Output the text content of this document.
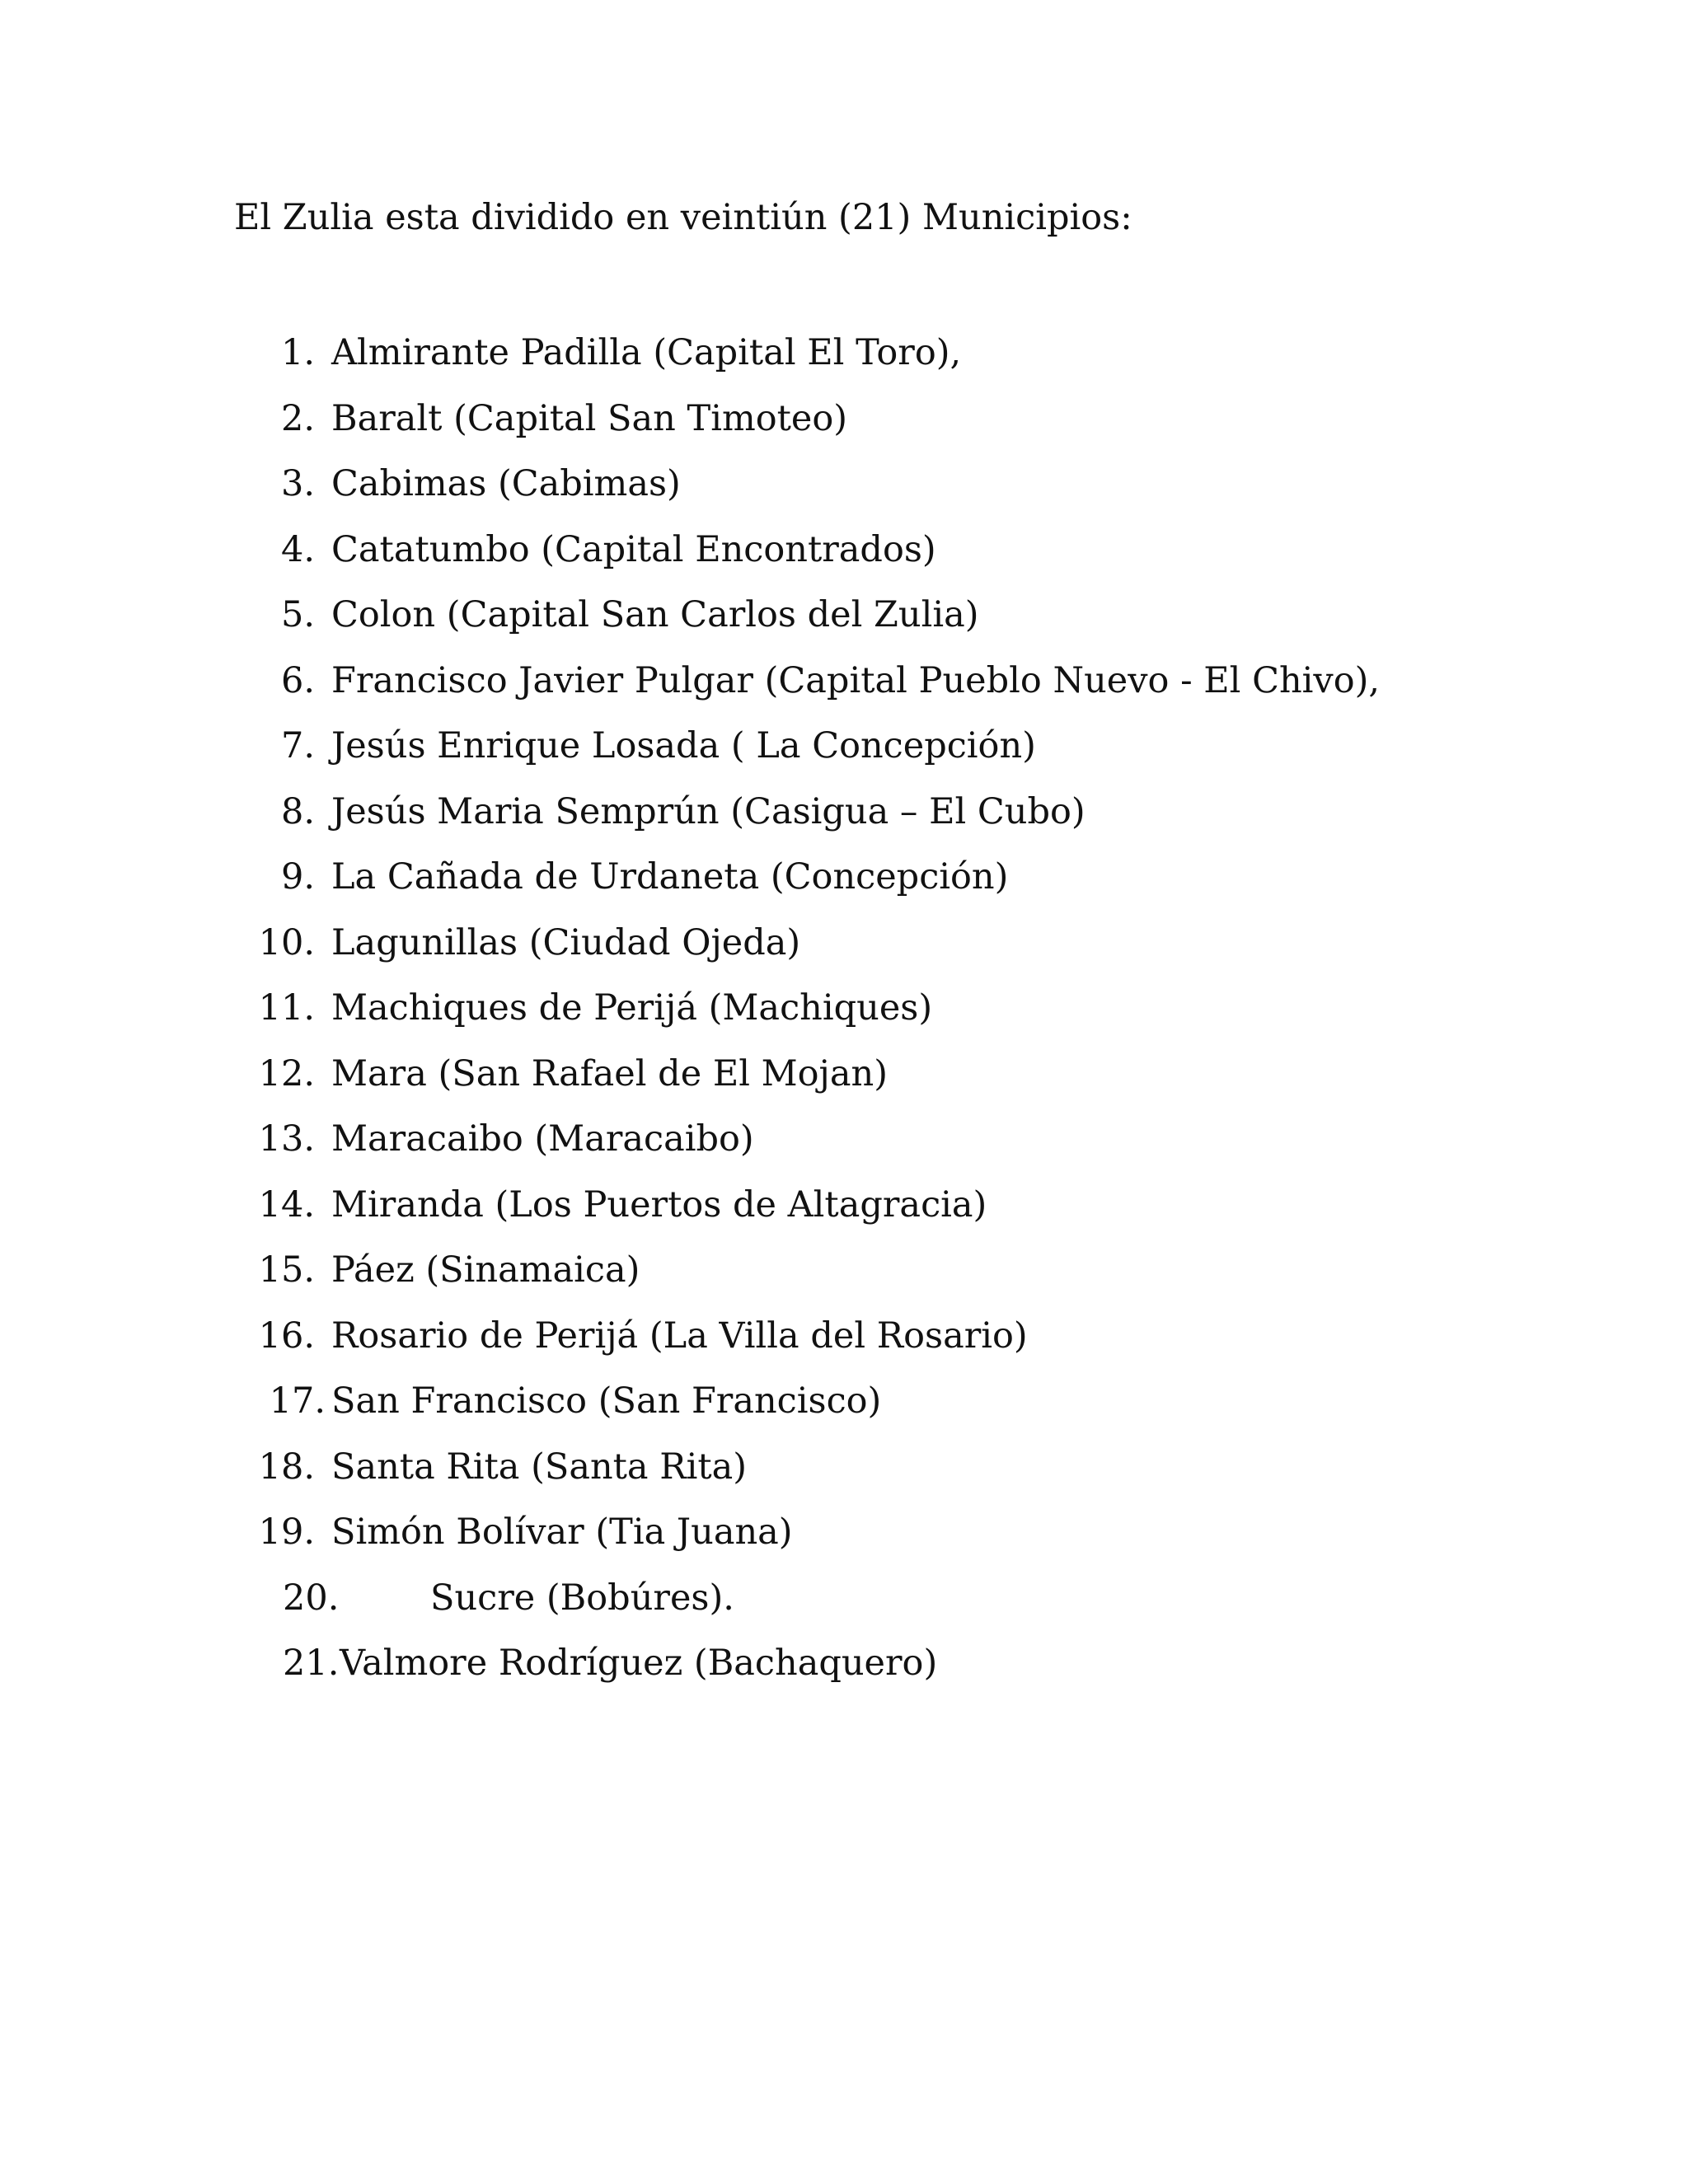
El Zulia esta dividido en veintiún (21) Municipios:

1. Almirante Padilla (Capital El Toro),
2. Baralt (Capital San Timoteo)
3. Cabimas (Cabimas)
4. Catatumbo (Capital Encontrados)
5. Colon (Capital San Carlos del Zulia)
6. Francisco Javier Pulgar (Capital Pueblo Nuevo - El Chivo),
7. Jesús Enrique Losada ( La Concepción)
8. Jesús Maria Semprún (Casigua – El Cubo)
9. La Cañada de Urdaneta (Concepción)
10. Lagunillas (Ciudad Ojeda)
11. Machiques de Perijá (Machiques)
12. Mara (San Rafael de El Mojan)
13. Maracaibo (Maracaibo)
14. Miranda (Los Puertos de Altagracia)
15. Páez (Sinamaica)
16. Rosario de Perijá (La Villa del Rosario)
17. San Francisco (San Francisco)
18. Santa Rita (Santa Rita)
19. Simón Bolívar (Tia Juana)
20.	Sucre (Bobúres).
21. Valmore Rodríguez (Bachaquero)
